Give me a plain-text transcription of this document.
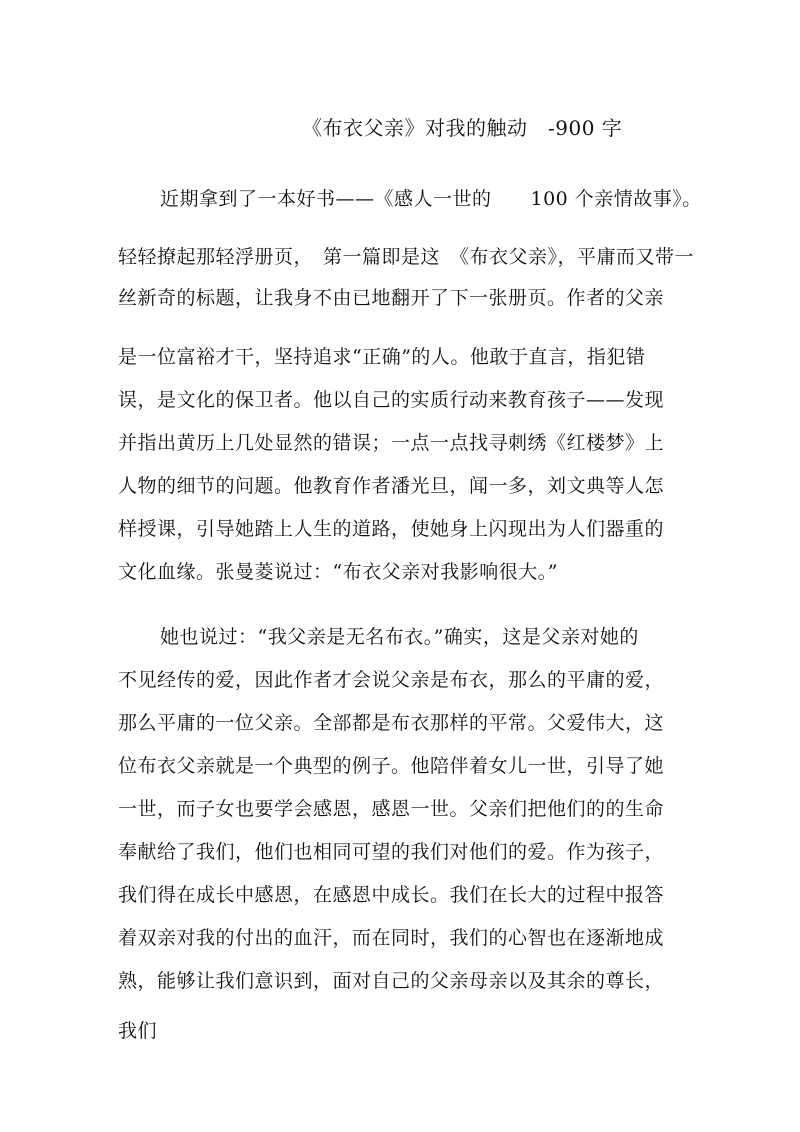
《布衣父亲》对我的触动　-900 字
近期拿到了一本好书——《感人一世的　　100 个亲情故事》。
轻轻撩起那轻浮册页，　第一篇即是这　《布衣父亲》，平庸而又带一
丝新奇的标题，让我身不由已地翻开了下一张册页。作者的父亲
是一位富裕才干，坚持追求“正确”的人。他敢于直言，指犯错
误，是文化的保卫者。他以自己的实质行动来教育孩子——发现
并指出黄历上几处显然的错误；一点一点找寻刺绣《红楼梦》上
人物的细节的问题。他教育作者潘光旦，闻一多，刘文典等人怎
样授课，引导她踏上人生的道路，使她身上闪现出为人们器重的
文化血缘。张曼菱说过：“布衣父亲对我影响很大。”
她也说过：“我父亲是无名布衣。”确实，这是父亲对她的
不见经传的爱，因此作者才会说父亲是布衣，那么的平庸的爱，
那么平庸的一位父亲。全部都是布衣那样的平常。父爱伟大，这
位布衣父亲就是一个典型的例子。他陪伴着女儿一世，引导了她
一世，而子女也要学会感恩，感恩一世。父亲们把他们的的生命
奉献给了我们，他们也相同可望的我们对他们的爱。作为孩子，
我们得在成长中感恩，在感恩中成长。我们在长大的过程中报答
着双亲对我的付出的血汗，而在同时，我们的心智也在逐渐地成
熟，能够让我们意识到，面对自己的父亲母亲以及其余的尊长，
我们
